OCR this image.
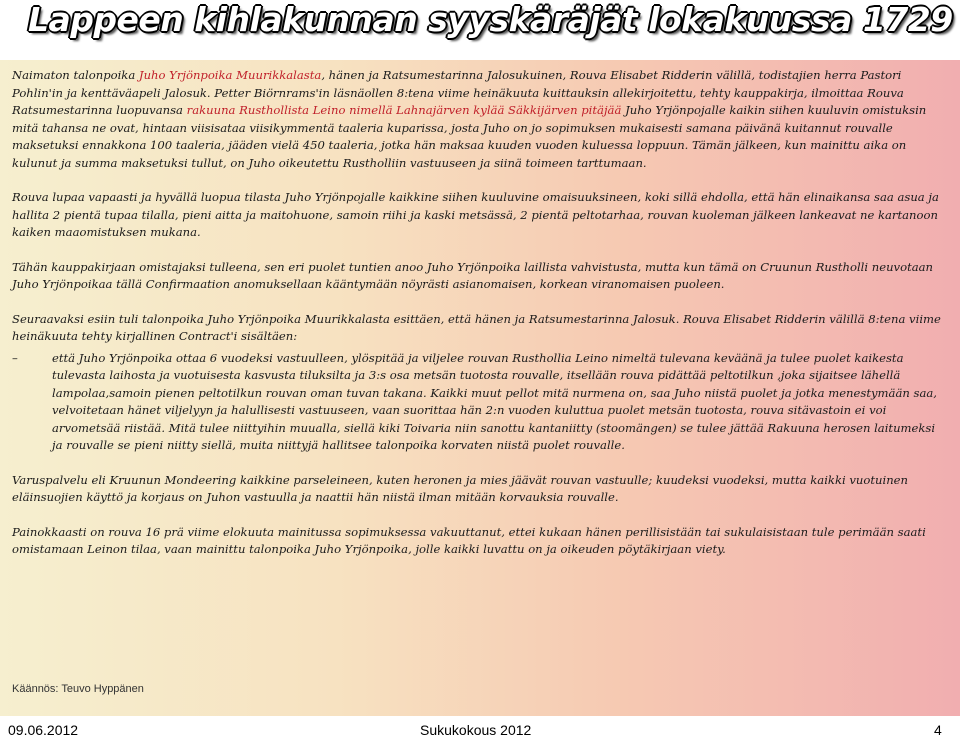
Lappeen kihlakunnan syyskäräjät lokakuussa 1729

Naimaton talonpoika Juho Yrjönpoika Muurikkalasta, hänen ja Ratsumestarinna Jalosukuinen, Rouva Elisabet Ridderin välillä, todistajien herra Pastori Pohlin'in ja kenttäväapeli Jalosuk. Petter Biörnrams'in läsnäollen 8:tena viime heinäkuuta kuittauksin allekirjoitettu, tehty kauppakirja, ilmoittaa Rouva Ratsumestarinna luopuvansa rakuuna Rusthollista Leino nimellä Lahnajärven kylää Säkkijärven pitäjää Juho Yrjönpojalle kaikin siihen kuuluvin omistuksin mitä tahansa ne ovat, hintaan viisisataa viisikymmentä taaleria kuparissa, josta Juho on jo sopimuksen mukaisesti samana päivänä kuitannut rouvalle maksetuksi ennakkona 100 taaleria, jääden vielä 450 taaleria, jotka hän maksaa kuuden vuoden kuluessa loppuun. Tämän jälkeen, kun mainittu aika on kulunut ja summa maksetuksi tullut, on Juho oikeutettu Rustholliin vastuuseen ja siinä toimeen tarttumaan.

Rouva lupaa vapaasti ja hyvällä luopua tilasta Juho Yrjönpojalle kaikkine siihen kuuluvine omaisuuksineen, koki sillä ehdolla, että hän elinaikansa saa asua ja hallita 2 pientä tupaa tilalla, pieni aitta ja maitohuone, samoin riihi ja kaski metsässä, 2 pientä peltotarhaa, rouvan kuoleman jälkeen lankeavat ne kartanoon kaiken maaomistuksen mukana.

Tähän kauppakirjaan omistajaksi tulleena, sen eri puolet tuntien anoo Juho Yrjönpoika laillista vahvistusta, mutta kun tämä on Cruunun Rustholli neuvotaan Juho Yrjönpoikaa tällä Confirmaation anomuksellaan kääntymään nöyrästi asianomaisen, korkean viranomaisen puoleen.

Seuraavaksi esiin tuli talonpoika Juho Yrjönpoika Muurikkalasta esittäen, että hänen ja Ratsumestarinna Jalosuk. Rouva Elisabet Ridderin välillä 8:tena viime heinäkuuta tehty kirjallinen Contract'i sisältäen:

–	että Juho Yrjönpoika ottaa 6 vuodeksi vastuulleen, ylöspitää ja viljelee rouvan Rusthollia Leino nimeltä tulevana keväänä ja tulee puolet kaikesta tulevasta laihosta ja vuotuisesta kasvusta tiluksilta ja 3:s osa metsän tuotosta rouvalle, itsellään rouva pidättää peltotilkun ,joka sijaitsee lähellä lampolaa,samoin pienen peltotilkun rouvan oman tuvan takana. Kaikki muut pellot mitä nurmena on, saa Juho niistä puolet ja jotka menestymään saa, velvoitetaan hänet viljelyyn ja halullisesti vastuuseen, vaan suorittaa hän 2:n vuoden kuluttua puolet metsän tuotosta, rouva sitävastoin ei voi arvometsää riistää. Mitä tulee niittyihin muualla, siellä kiki Toivaria niin sanottu kantaniitty (stoomängen) se tulee jättää Rakuuna herosen laitumeksi ja rouvalle se pieni niitty siellä, muita niittyjä hallitsee talonpoika korvaten niistä puolet rouvalle.

Varuspalvelu eli Kruunun Mondeering kaikkine parseleineen, kuten heronen ja mies jäävät rouvan vastuulle; kuudeksi vuodeksi, mutta kaikki vuotuinen eläinsuojien käyttö ja korjaus on Juhon vastuulla ja naattii hän niistä ilman mitään korvauksia rouvalle.

Painokkaasti on rouva 16 prä viime elokuuta mainitussa sopimuksessa vakuuttanut, ettei kukaan hänen perillisistään tai sukulaisistaan tule perimään saati omistamaan Leinon tilaa, vaan mainittu talonpoika Juho Yrjönpoika, jolle kaikki luvattu on ja oikeuden pöytäkirjaan viety.

Käännös: Teuvo Hyppänen
09.06.2012	Sukukokous 2012	4
